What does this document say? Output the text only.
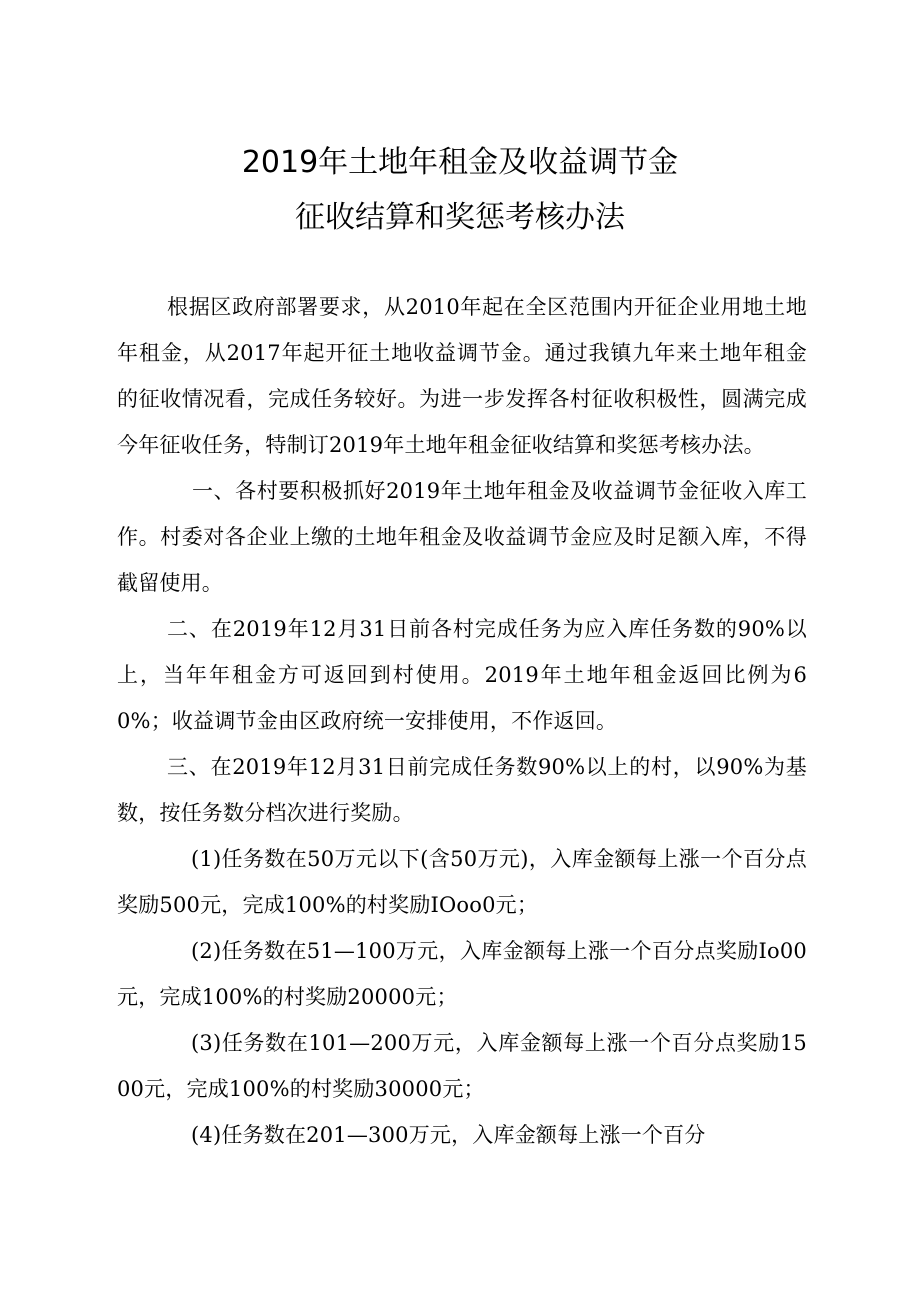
2019年土地年租金及收益调节金
征收结算和奖惩考核办法

根据区政府部署要求，从2010年起在全区范围内开征企业用地土地年租金，从2017年起开征土地收益调节金。通过我镇九年来土地年租金的征收情况看，完成任务较好。为进一步发挥各村征收积极性，圆满完成今年征收任务，特制订2019年土地年租金征收结算和奖惩考核办法。

一、各村要积极抓好2019年土地年租金及收益调节金征收入库工作。村委对各企业上缴的土地年租金及收益调节金应及时足额入库，不得截留使用。

二、在2019年12月31日前各村完成任务为应入库任务数的90%以上，当年年租金方可返回到村使用。2019年土地年租金返回比例为60%；收益调节金由区政府统一安排使用，不作返回。

三、在2019年12月31日前完成任务数90%以上的村，以90%为基数，按任务数分档次进行奖励。

(1)任务数在50万元以下(含50万元)，入库金额每上涨一个百分点奖励500元，完成100%的村奖励IOoo0元；

(2)任务数在51—100万元，入库金额每上涨一个百分点奖励Io00元，完成100%的村奖励20000元；

(3)任务数在101—200万元，入库金额每上涨一个百分点奖励1500元，完成100%的村奖励30000元；

(4)任务数在201—300万元，入库金额每上涨一个百分
